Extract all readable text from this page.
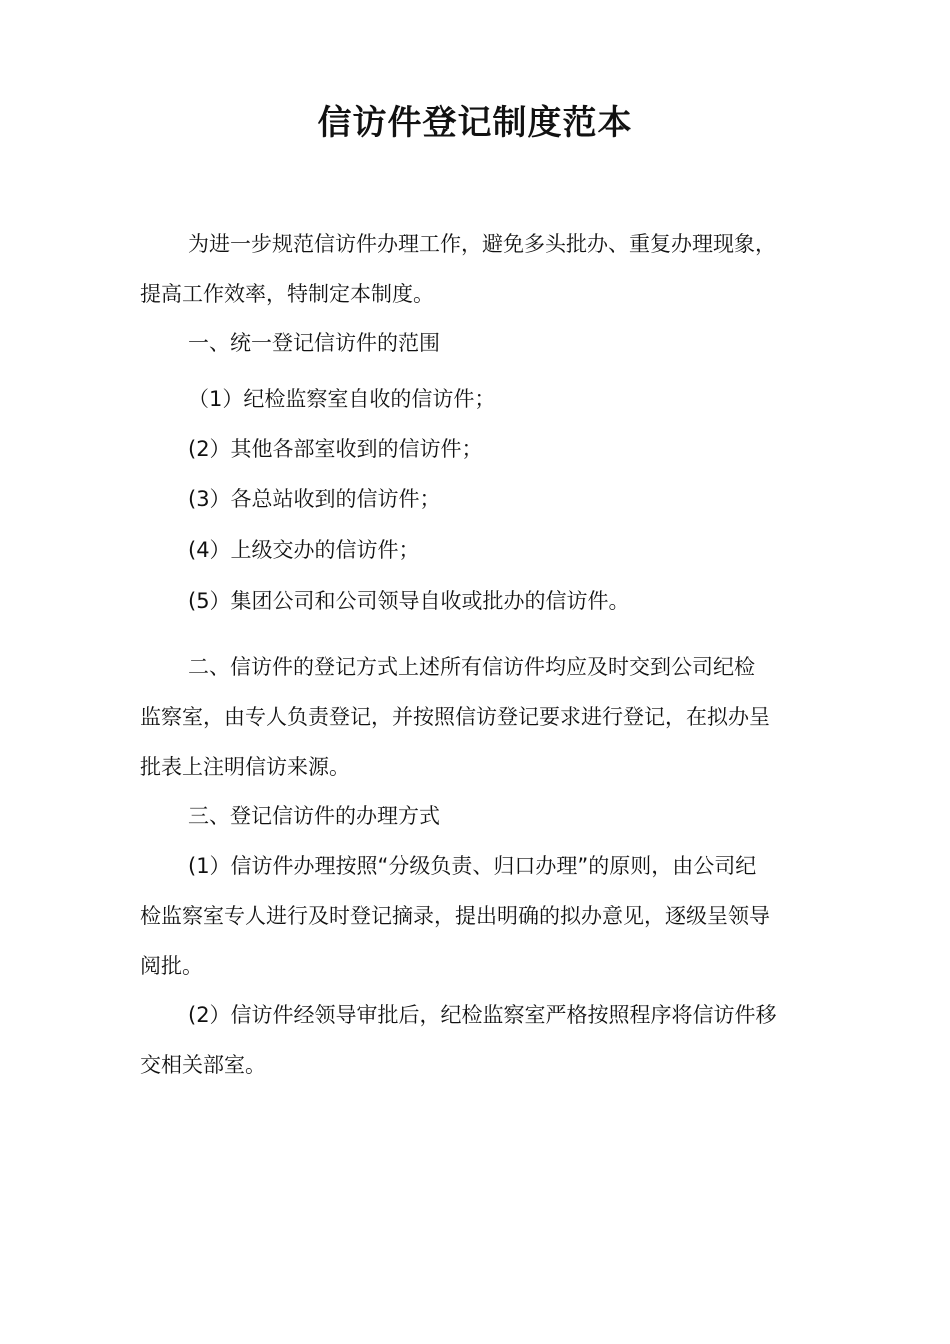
信访件登记制度范本

为进一步规范信访件办理工作，避免多头批办、重复办理现象，

提高工作效率，特制定本制度。

一、统一登记信访件的范围

（1）纪检监察室自收的信访件；

(2）其他各部室收到的信访件；

(3）各总站收到的信访件；

(4）上级交办的信访件；

(5）集团公司和公司领导自收或批办的信访件。

二、信访件的登记方式上述所有信访件均应及时交到公司纪检

监察室，由专人负责登记，并按照信访登记要求进行登记，在拟办呈

批表上注明信访来源。

三、登记信访件的办理方式

(1）信访件办理按照“分级负责、归口办理”的原则，由公司纪

检监察室专人进行及时登记摘录，提出明确的拟办意见，逐级呈领导

阅批。

(2）信访件经领导审批后，纪检监察室严格按照程序将信访件移

交相关部室。
